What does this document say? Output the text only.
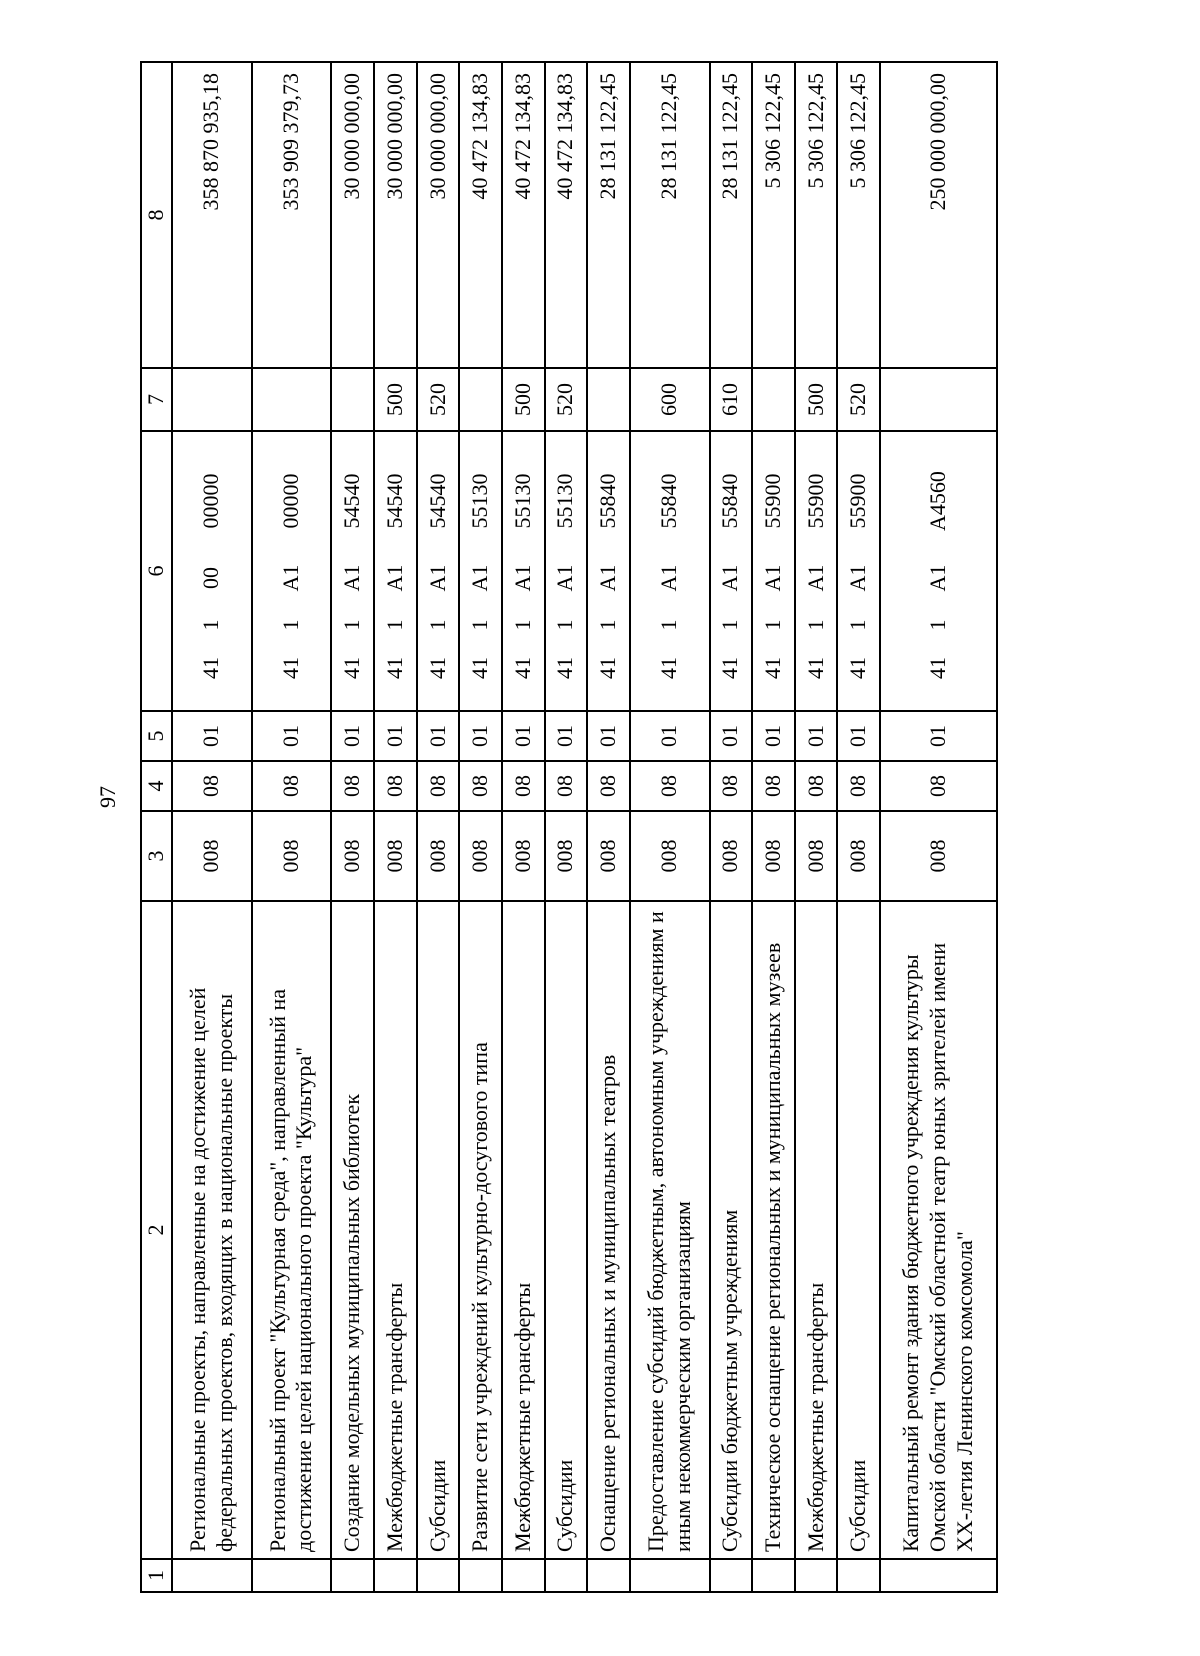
97
1	2	3	4	5	6	7	8
	Региональные проекты, направленные на достижение целей федеральных проектов, входящих в национальные проекты	008	08	01	4110000000		358 870 935,18
	Региональный проект "Культурная среда", направленный на достижение целей национального проекта "Культура"	008	08	01	411А100000		353 909 379,73
	Создание модельных муниципальных библиотек	008	08	01	411А154540		30 000 000,00
	Межбюджетные трансферты	008	08	01	411А154540	500	30 000 000,00
	Субсидии	008	08	01	411А154540	520	30 000 000,00
	Развитие сети учреждений культурно-досугового типа	008	08	01	411А155130		40 472 134,83
	Межбюджетные трансферты	008	08	01	411А155130	500	40 472 134,83
	Субсидии	008	08	01	411А155130	520	40 472 134,83
	Оснащение региональных и муниципальных театров	008	08	01	411А155840		28 131 122,45
	Предоставление субсидий бюджетным, автономным учреждениям и иным некоммерческим организациям	008	08	01	411А155840	600	28 131 122,45
	Субсидии бюджетным учреждениям	008	08	01	411А155840	610	28 131 122,45
	Техническое оснащение региональных и муниципальных музеев	008	08	01	411А155900		5 306 122,45
	Межбюджетные трансферты	008	08	01	411А155900	500	5 306 122,45
	Субсидии	008	08	01	411А155900	520	5 306 122,45
	Капитальный ремонт здания бюджетного учреждения культуры Омской области "Омский областной театр юных зрителей имени XX-летия Ленинского комсомола"	008	08	01	411А1А4560		250 000 000,00
